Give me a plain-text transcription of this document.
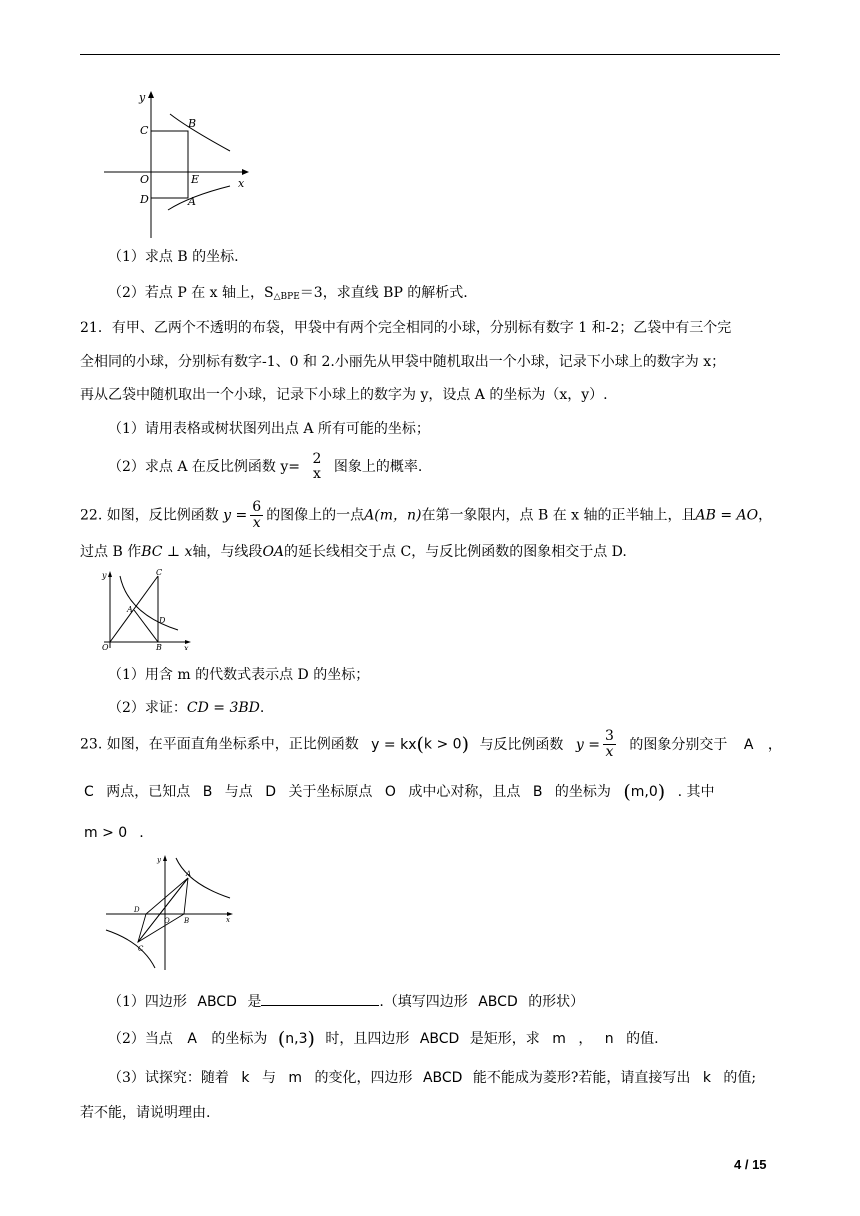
y
x
C
B
O	E
D	A
（1）求点 B 的坐标.
（2）若点 P 在 x 轴上，S△BPE＝3，求直线 BP 的解析式.
21．有甲、乙两个不透明的布袋，甲袋中有两个完全相同的小球，分别标有数字 1 和-2；乙袋中有三个完
全相同的小球，分别标有数字-1、0 和 2.小丽先从甲袋中随机取出一个小球，记录下小球上的数字为 x；
再从乙袋中随机取出一个小球，记录下小球上的数字为 y，设点 A 的坐标为（x，y）.
（1）请用表格或树状图列出点 A 所有可能的坐标；
（2）求点 A 在反比例函数 y= 2
x 图象上的概率.
22. 如图，反比例函数 $y = \frac{6}{x}$ 的图像上的一点A(m，n)在第一象限内，点 B 在 x 轴的正半轴上，且AB = AO，
过点 B 作BC ⊥ x轴，与线段OA的延长线相交于点 C，与反比例函数的图象相交于点 D.
y
x
C
A
D
O	B
（1）用含 m 的代数式表示点 D 的坐标；
（2）求证：CD = 3BD.
23. 如图，在平面直角坐标系中，正比例函数 y = kx(k > 0) 与反比例函数 $y = \frac{3}{x}$ 的图象分别交于 A ，
C 两点，已知点 B 与点 D 关于坐标原点 O 成中心对称，且点 B 的坐标为 (m,0) . 其中
m > 0 .
y
x
A
D
O B
C
（1）四边形 ABCD 是	.（填写四边形 ABCD 的形状）
（2）当点 A 的坐标为 (n,3) 时，且四边形 ABCD 是矩形，求 m ， n 的值.
（3）试探究：随着 k 与 m 的变化，四边形 ABCD 能不能成为菱形?若能，请直接写出 k 的值;
若不能，请说明理由.
4 / 15
